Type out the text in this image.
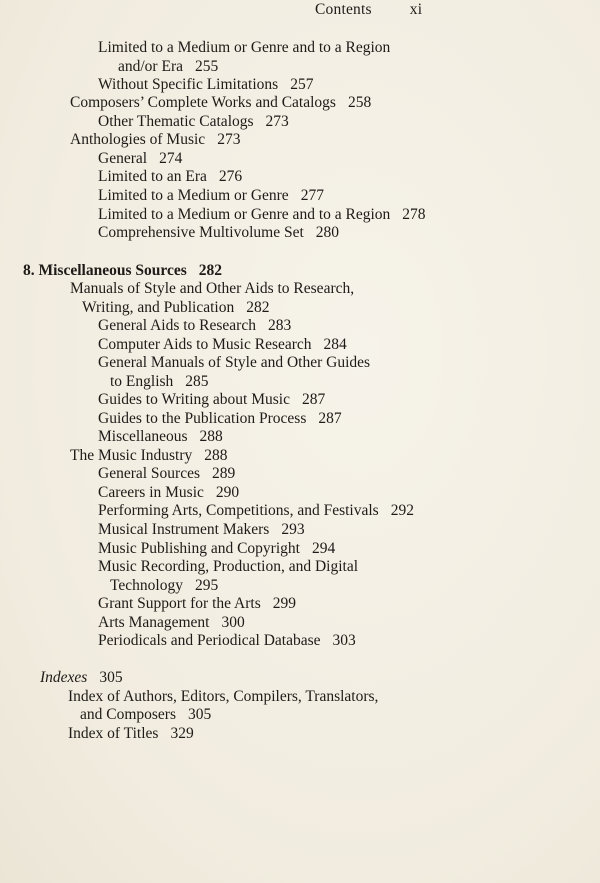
Contents xi
Limited to a Medium or Genre and to a Region
and/or Era 255
Without Specific Limitations 257
Composers’ Complete Works and Catalogs 258
Other Thematic Catalogs 273
Anthologies of Music 273
General 274
Limited to an Era 276
Limited to a Medium or Genre 277
Limited to a Medium or Genre and to a Region 278
Comprehensive Multivolume Set 280
8. Miscellaneous Sources 282
Manuals of Style and Other Aids to Research,
Writing, and Publication 282
General Aids to Research 283
Computer Aids to Music Research 284
General Manuals of Style and Other Guides
to English 285
Guides to Writing about Music 287
Guides to the Publication Process 287
Miscellaneous 288
The Music Industry 288
General Sources 289
Careers in Music 290
Performing Arts, Competitions, and Festivals 292
Musical Instrument Makers 293
Music Publishing and Copyright 294
Music Recording, Production, and Digital
Technology 295
Grant Support for the Arts 299
Arts Management 300
Periodicals and Periodical Database 303
Indexes 305
Index of Authors, Editors, Compilers, Translators,
and Composers 305
Index of Titles 329
